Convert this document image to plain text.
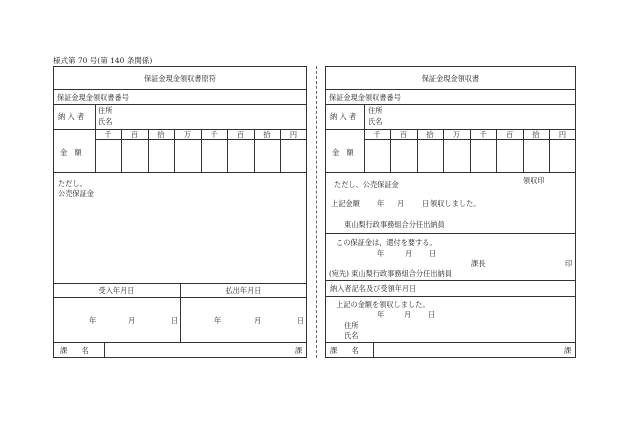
様式第 70 号(第 140 条関係)
保証金現金領収書原符
保証金現金領収書番号
納 入 者
住所
氏名
金　額
千	百	拾	万	千	百	拾	円
ただし、
公売保証金
受入年月日	払出年月日
年	月	日	年	月	日
課　　名	課
保証金現金領収書
保証金現金領収書番号
納 入 者
住所
氏名
金　額
千	百	拾	万	千	百	拾	円
ただし、公売保証金	領収印
上記金額 年 月 日 領収しました。
東山梨行政事務組合分任出納員
この保証金は，還付を要する。
年	月 日
課長	印
(宛先) 東山梨行政事務組合分任出納員
納入者記名及び受領年月日
上記の金額を領収しました。
年	月 日
住所
氏名
課　　名	課
